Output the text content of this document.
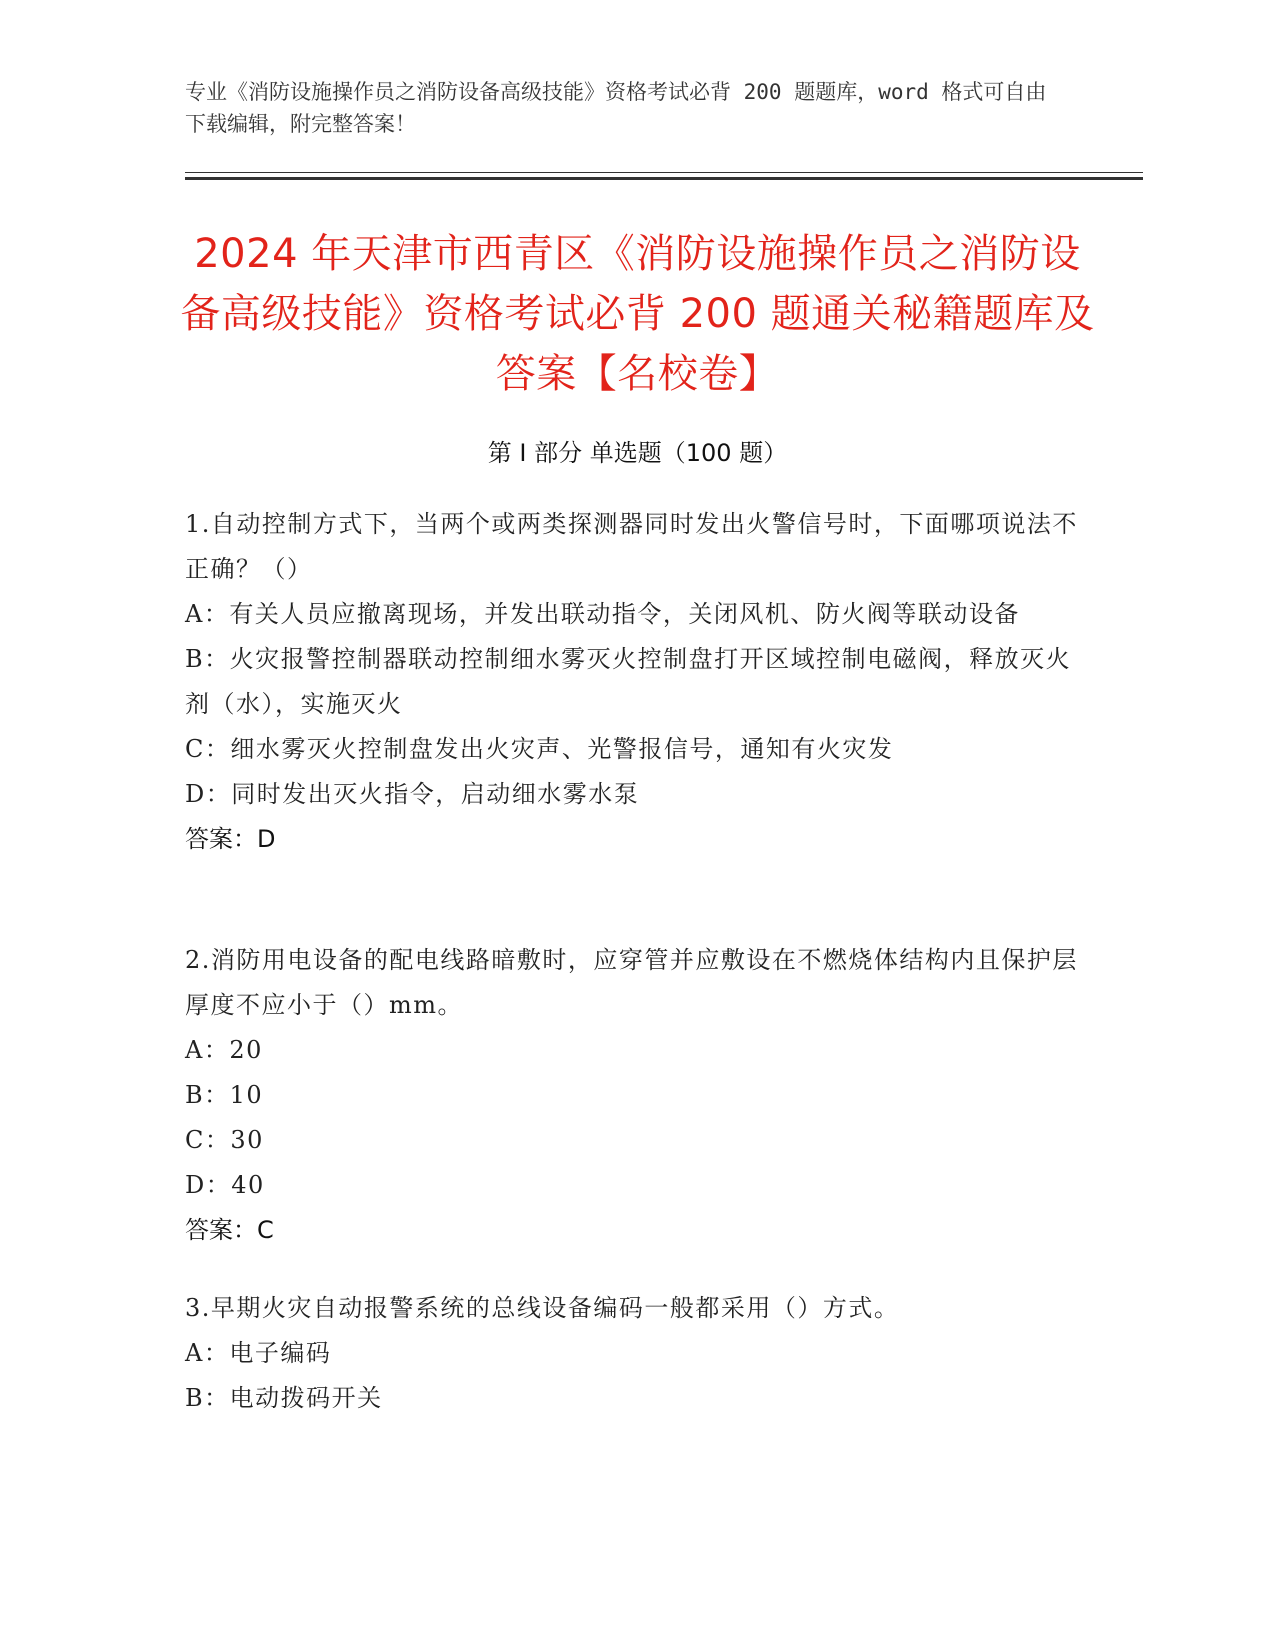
专业《消防设施操作员之消防设备高级技能》资格考试必背 200 题题库，word 格式可自由下载编辑，附完整答案！
2024 年天津市西青区《消防设施操作员之消防设备高级技能》资格考试必背 200 题通关秘籍题库及答案【名校卷】
第 I 部分 单选题（100 题）
1.自动控制方式下，当两个或两类探测器同时发出火警信号时，下面哪项说法不正确？（）
A：有关人员应撤离现场，并发出联动指令，关闭风机、防火阀等联动设备
B：火灾报警控制器联动控制细水雾灭火控制盘打开区域控制电磁阀，释放灭火剂（水），实施灭火
C：细水雾灭火控制盘发出火灾声、光警报信号，通知有火灾发
D：同时发出灭火指令，启动细水雾水泵
答案：D
2.消防用电设备的配电线路暗敷时，应穿管并应敷设在不燃烧体结构内且保护层厚度不应小于（）mm。
A：20
B：10
C：30
D：40
答案：C
3.早期火灾自动报警系统的总线设备编码一般都采用（）方式。
A：电子编码
B：电动拨码开关
